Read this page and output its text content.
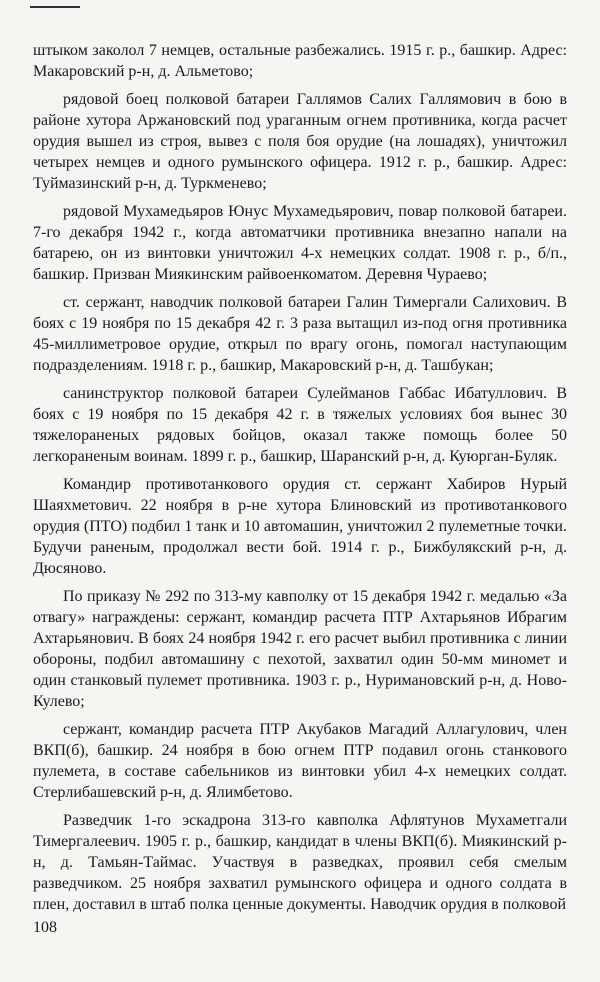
штыком заколол 7 немцев, остальные разбежались. 1915 г. р., башкир. Адрес: Макаровский р-н, д. Альметово;

рядовой боец полковой батареи Галлямов Салих Галлямович в бою в районе хутора Аржановский под ураганным огнем противника, когда расчет орудия вышел из строя, вывез с поля боя орудие (на лошадях), уничтожил четырех немцев и одного румынского офицера. 1912 г. р., башкир. Адрес: Туймазинский р-н, д. Туркменево;

рядовой Мухамедьяров Юнус Мухамедьярович, повар полковой батареи. 7-го декабря 1942 г., когда автоматчики противника внезапно напали на батарею, он из винтовки уничтожил 4-х немецких солдат. 1908 г. р., б/п., башкир. Призван Миякинским райвоенкоматом. Деревня Чураево;

ст. сержант, наводчик полковой батареи Галин Тимергали Салихович. В боях с 19 ноября по 15 декабря 42 г. 3 раза вытащил из-под огня противника 45-миллиметровое орудие, открыл по врагу огонь, помогал наступающим подразделениям. 1918 г. р., башкир, Макаровский р-н, д. Ташбукан;

санинструктор полковой батареи Сулейманов Габбас Ибатуллович. В боях с 19 ноября по 15 декабря 42 г. в тяжелых условиях боя вынес 30 тяжелораненых рядовых бойцов, оказал также помощь более 50 легкораненым воинам. 1899 г. р., башкир, Шаранский р-н, д. Куюрган-Буляк.

Командир противотанкового орудия ст. сержант Хабиров Нурый Шаяхметович. 22 ноября в р-не хутора Блиновский из противотанкового орудия (ПТО) подбил 1 танк и 10 автомашин, уничтожил 2 пулеметные точки. Будучи раненым, продолжал вести бой. 1914 г. р., Бижбулякский р-н, д. Дюсяново.

По приказу № 292 по 313-му кавполку от 15 декабря 1942 г. медалью «За отвагу» награждены: сержант, командир расчета ПТР Ахтарьянов Ибрагим Ахтарьянович. В боях 24 ноября 1942 г. его расчет выбил противника с линии обороны, подбил автомашину с пехотой, захватил один 50-мм миномет и один станковый пулемет противника. 1903 г. р., Нуримановский р-н, д. Ново-Кулево;

сержант, командир расчета ПТР Акубаков Магадий Аллагулович, член ВКП(б), башкир. 24 ноября в бою огнем ПТР подавил огонь станкового пулемета, в составе сабельников из винтовки убил 4-х немецких солдат. Стерлибашевский р-н, д. Ялимбетово.

Разведчик 1-го эскадрона 313-го кавполка Афлятунов Мухаметгали Тимергалеевич. 1905 г. р., башкир, кандидат в члены ВКП(б). Миякинский р-н, д. Тамьян-Таймас. Участвуя в разведках, проявил себя смелым разведчиком. 25 ноября захватил румынского офицера и одного солдата в плен, доставил в штаб полка ценные документы. Наводчик орудия в полковой

108
